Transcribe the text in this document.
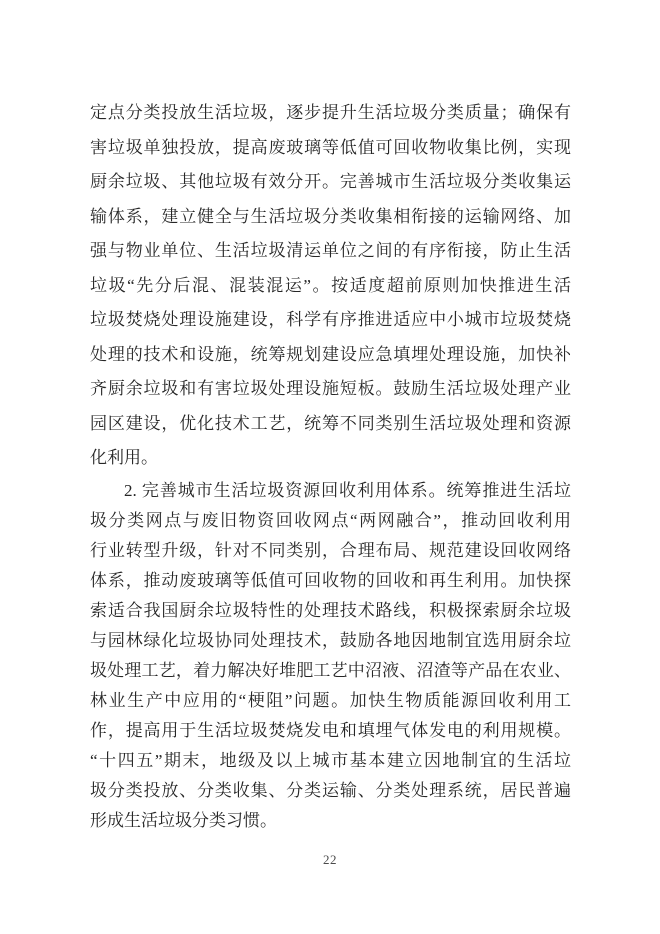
定点分类投放生活垃圾，逐步提升生活垃圾分类质量；确保有
害垃圾单独投放，提高废玻璃等低值可回收物收集比例，实现
厨余垃圾、其他垃圾有效分开。完善城市生活垃圾分类收集运
输体系，建立健全与生活垃圾分类收集相衔接的运输网络、加
强与物业单位、生活垃圾清运单位之间的有序衔接，防止生活
垃圾“先分后混、混装混运”。按适度超前原则加快推进生活
垃圾焚烧处理设施建设，科学有序推进适应中小城市垃圾焚烧
处理的技术和设施，统筹规划建设应急填埋处理设施，加快补
齐厨余垃圾和有害垃圾处理设施短板。鼓励生活垃圾处理产业
园区建设，优化技术工艺，统筹不同类别生活垃圾处理和资源
化利用。
2. 完善城市生活垃圾资源回收利用体系。统筹推进生活垃
圾分类网点与废旧物资回收网点“两网融合”，推动回收利用
行业转型升级，针对不同类别，合理布局、规范建设回收网络
体系，推动废玻璃等低值可回收物的回收和再生利用。加快探
索适合我国厨余垃圾特性的处理技术路线，积极探索厨余垃圾
与园林绿化垃圾协同处理技术，鼓励各地因地制宜选用厨余垃
圾处理工艺，着力解决好堆肥工艺中沼液、沼渣等产品在农业、
林业生产中应用的“梗阻”问题。加快生物质能源回收利用工
作，提高用于生活垃圾焚烧发电和填埋气体发电的利用规模。
“十四五”期末，地级及以上城市基本建立因地制宜的生活垃
圾分类投放、分类收集、分类运输、分类处理系统，居民普遍
形成生活垃圾分类习惯。
22
